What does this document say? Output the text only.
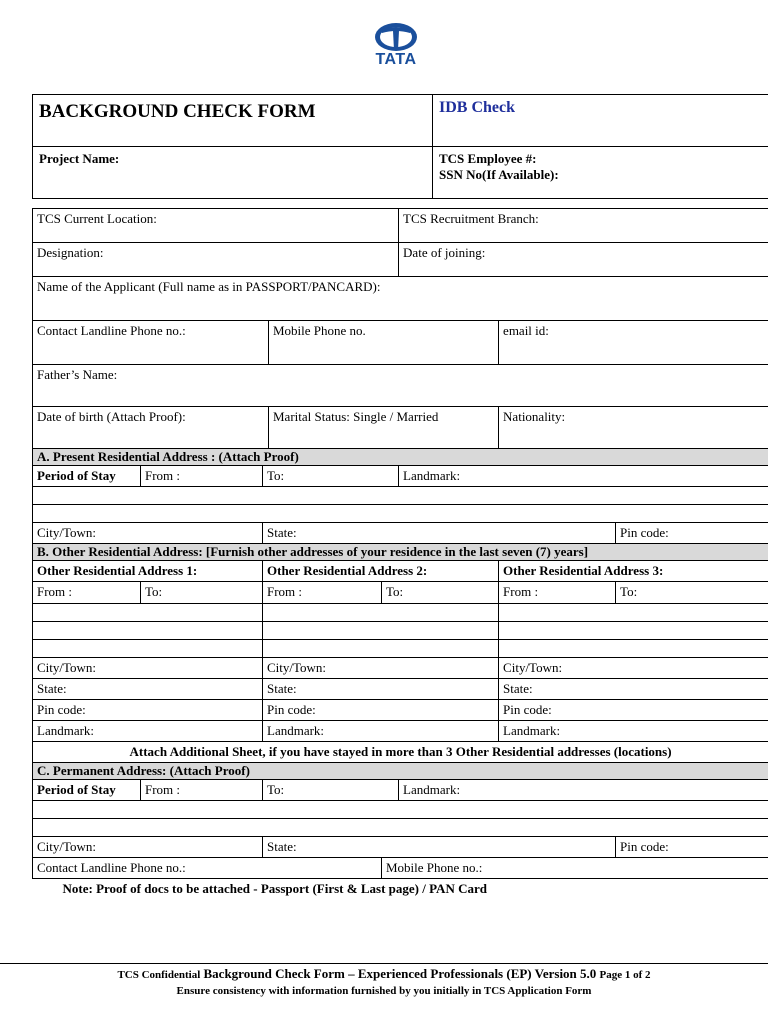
TATA
BACKGROUND CHECK FORM	IDB Check
Project Name:	TCS Employee #:
SSN No(If Available):
TCS Current Location:					TCS Recruitment Branch:		
Designation:					Date of joining:		
Name of the Applicant (Full name as in PASSPORT/PANCARD):							
Contact Landline Phone no.:			Mobile Phone no.			email id:	
Father’s Name:							
Date of birth (Attach Proof):			Marital Status: Single / Married			Nationality:	
A. Present Residential Address : (Attach Proof)							
Period of Stay	From :	To:			Landmark:		

City/Town:		State:					Pin code:
B. Other Residential Address: [Furnish other addresses of your residence in the last seven (7) years]							
Other Residential Address 1:		Other Residential Address 2:				Other Residential Address 3:	
From :	To:	From :		To:		From :	To:

City/Town:		City/Town:				City/Town:	
State:		State:				State:	
Pin code:		Pin code:				Pin code:	
Landmark:		Landmark:				Landmark:	
Attach Additional Sheet, if you have stayed in more than 3 Other Residential addresses (locations)							
C. Permanent Address: (Attach Proof)							
Period of Stay	From :	To:			Landmark:		

City/Town:		State:					Pin code:
Contact Landline Phone no.:				Mobile Phone no.:			
Note: Proof of docs to be attached - Passport (First & Last page) / PAN Card							
TCS Confidential Background Check Form – Experienced Professionals (EP) Version 5.0 Page 1 of 2
Ensure consistency with information furnished by you initially in TCS Application Form
